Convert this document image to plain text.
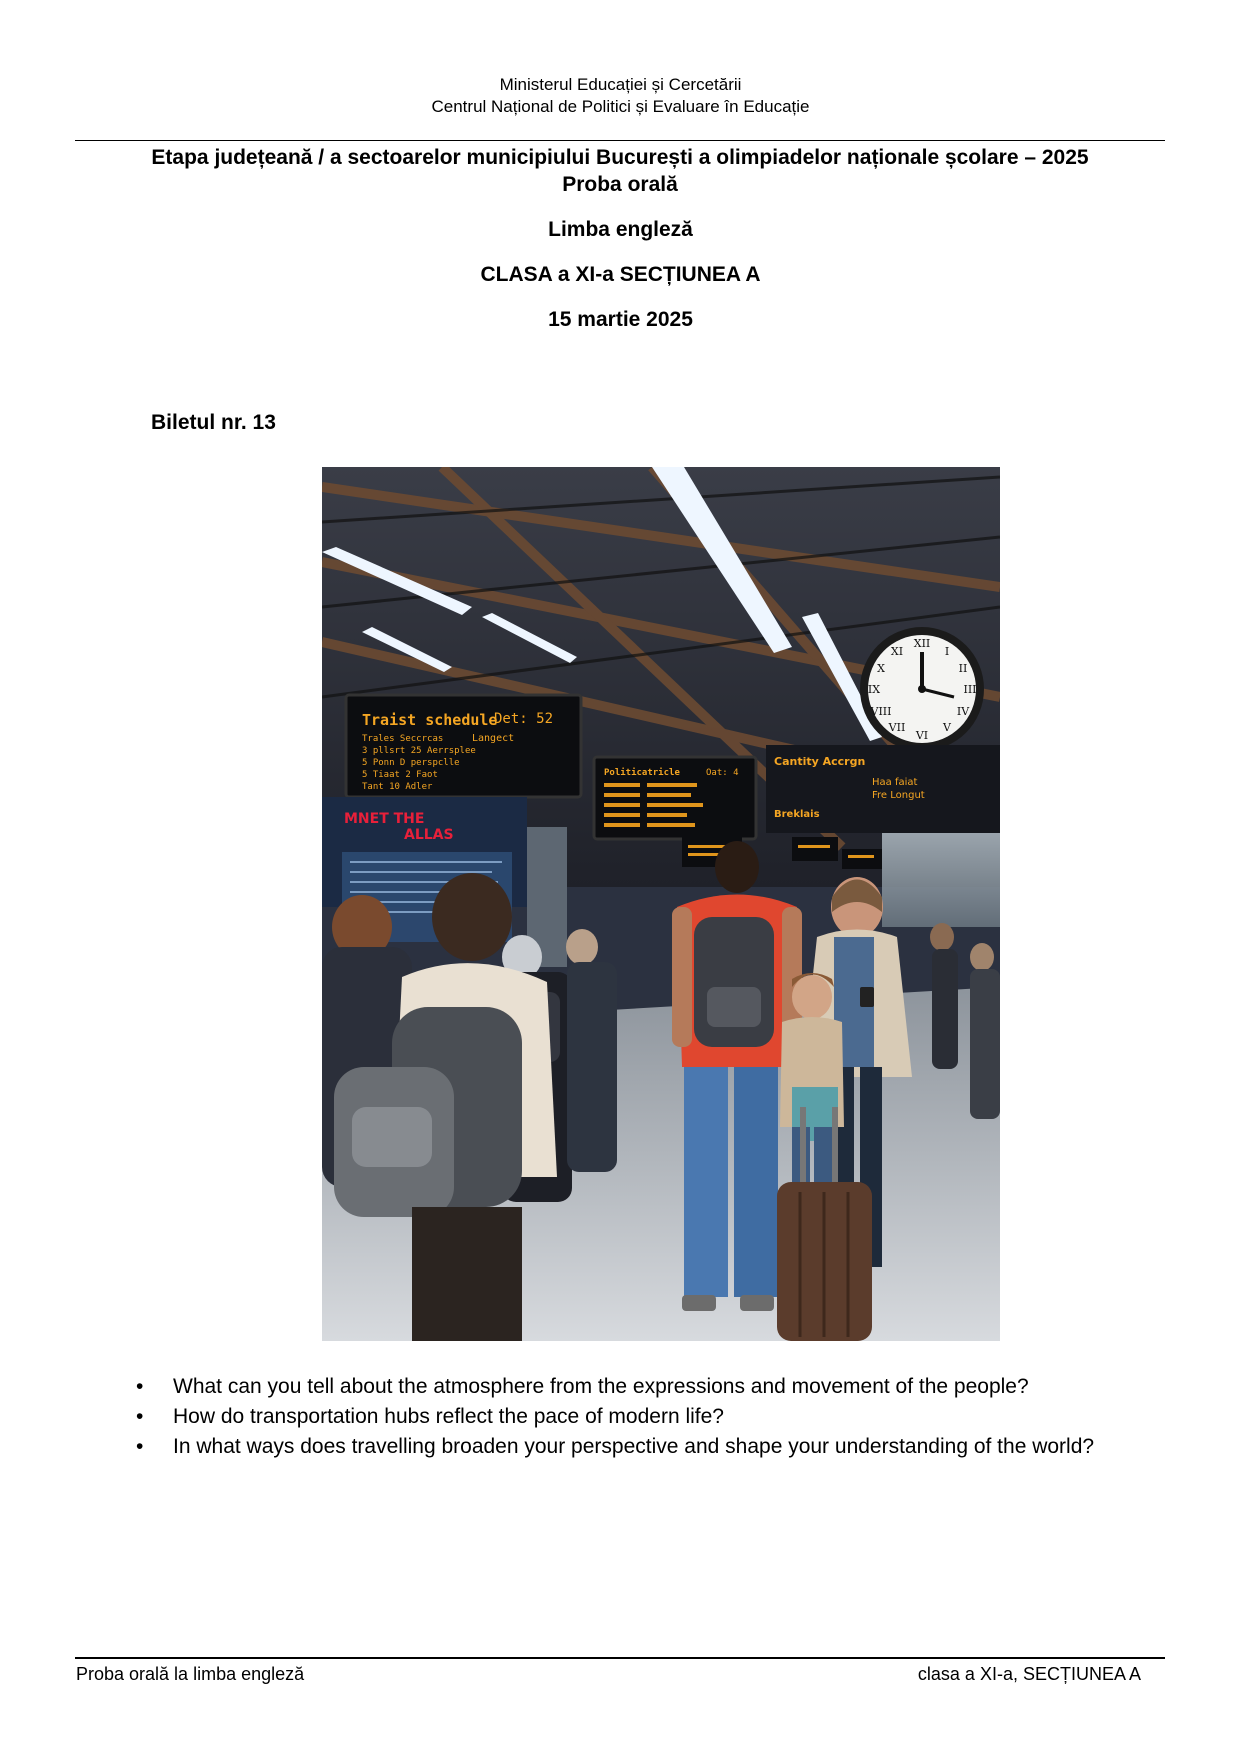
Ministerul Educației și Cercetării
Centrul Național de Politici și Evaluare în Educație
Etapa județeană / a sectoarelor municipiului București a olimpiadelor naționale școlare – 2025
Proba orală
Limba engleză
CLASA a XI-a SECȚIUNEA A
15 martie 2025
Biletul nr. 13
XII
I
II
III
IV
V
VI
VII
VIII
IX
X
XI
Traist schedule
Det: 52
Langect
Trales Seccrcas
3 pllsrt 25 Aerrsplee
5 Ponn D perspclle
5 Tiaat 2 Faot
Tant 10 Adler
Politicatricle	Oat: 4
Cantity Accrgn
Haa faiat
Fre Longut
Breklais
MNET THE
ALLAS
• What can you tell about the atmosphere from the expressions and movement of the people?
• How do transportation hubs reflect the pace of modern life?
• In what ways does travelling broaden your perspective and shape your understanding of the world?
Proba orală la limba engleză	clasa a XI-a, SECȚIUNEA A
